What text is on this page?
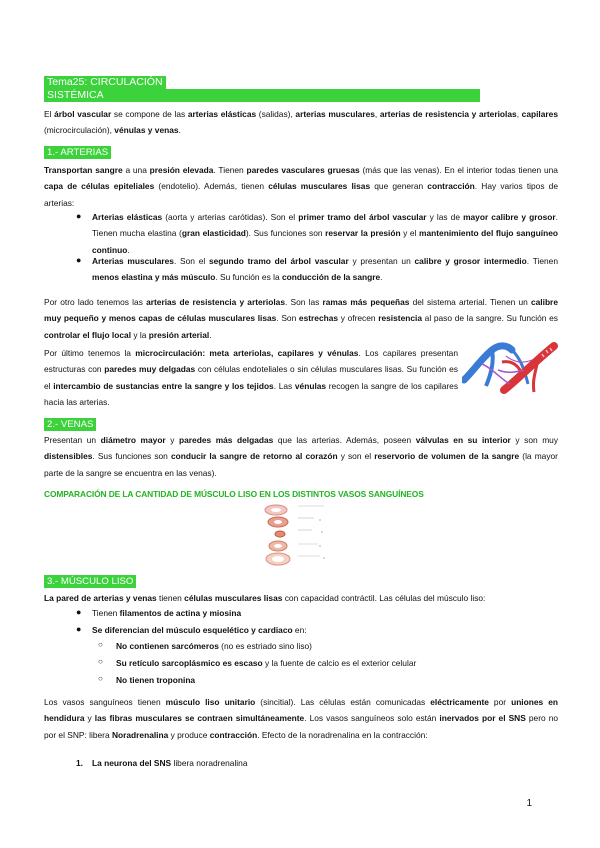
Tema25: CIRCULACIÓN
SISTÉMICA

El árbol vascular se compone de las arterias elásticas (salidas), arterias musculares, arterias de resistencia y arteriolas, capilares (microcirculación), vénulas y venas.

1.- ARTERIAS

Transportan sangre a una presión elevada. Tienen paredes vasculares gruesas (más que las venas). En el interior todas tienen una capa de células epiteliales (endotelio). Además, tienen células musculares lisas que generan contracción. Hay varios tipos de arterias:

● Arterias elásticas (aorta y arterias carótidas). Son el primer tramo del árbol vascular y las de mayor calibre y grosor. Tienen mucha elastina (gran elasticidad). Sus funciones son reservar la presión y el mantenimiento del flujo sanguíneo continuo.

● Arterias musculares. Son el segundo tramo del árbol vascular y presentan un calibre y grosor intermedio. Tienen menos elastina y más músculo. Su función es la conducción de la sangre.

Por otro lado tenemos las arterias de resistencia y arteriolas. Son las ramas más pequeñas del sistema arterial. Tienen un calibre muy pequeño y menos capas de células musculares lisas. Son estrechas y ofrecen resistencia al paso de la sangre. Su función es controlar el flujo local y la presión arterial.

Por último tenemos la microcirculación: meta arteriolas, capilares y vénulas. Los capilares presentan estructuras con paredes muy delgadas con células endoteliales o sin células musculares lisas. Su función es el intercambio de sustancias entre la sangre y los tejidos. Las vénulas recogen la sangre de los capilares hacia las arterias.

2.- VENAS

Presentan un diámetro mayor y paredes más delgadas que las arterias. Además, poseen válvulas en su interior y son muy distensibles. Sus funciones son conducir la sangre de retorno al corazón y son el reservorio de volumen de la sangre (la mayor parte de la sangre se encuentra en las venas).

COMPARACIÓN DE LA CANTIDAD DE MÚSCULO LISO EN LOS DISTINTOS VASOS SANGUÍNEOS
3.- MÚSCULO LISO

La pared de arterias y venas tienen células musculares lisas con capacidad contráctil. Las células del músculo liso:

● Tienen filamentos de actina y miosina

● Se diferencian del músculo esquelético y cardiaco en:

○ No contienen sarcómeros (no es estriado sino liso)
○ Su retículo sarcoplásmico es escaso y la fuente de calcio es el exterior celular
○ No tienen troponina

Los vasos sanguíneos tienen músculo liso unitario (sincitial). Las células están comunicadas eléctricamente por uniones en hendidura y las fibras musculares se contraen simultáneamente. Los vasos sanguíneos solo están inervados por el SNS pero no por el SNP: libera Noradrenalina y produce contracción. Efecto de la noradrenalina en la contracción:

1. La neurona del SNS libera noradrenalina
1
